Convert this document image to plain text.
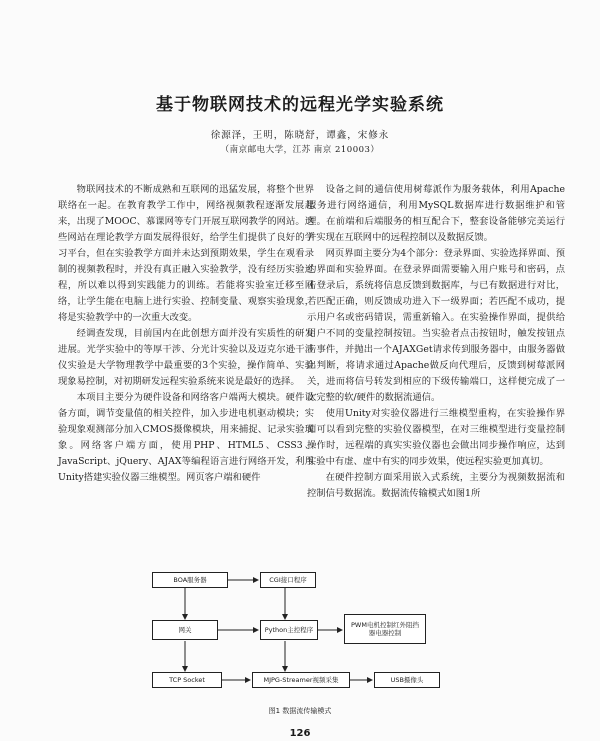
基于物联网技术的远程光学实验系统
徐源泽，王明，陈晓舒，谭鑫，宋修永
（南京邮电大学，江苏 南京 210003）

物联网技术的不断成熟和互联网的迅猛发展，将整个世界联络在一起。在教育教学工作中，网络视频教程逐渐发展起来，出现了MOOC、慕课网等专门开展互联网教学的网站。这些网站在理论教学方面发展得很好，给学生们提供了良好的学习平台，但在实验教学方面并未达到预期效果，学生在观看录制的视频教程时，并没有真正融入实验教学，没有经历实验过程，所以难以得到实践能力的训练。若能将实验室迁移至网络，让学生能在电脑上进行实验、控制变量、观察实验现象，将是实验教学中的一次重大改变。

经调查发现，目前国内在此创想方面并没有实质性的研发进展。光学实验中的等厚干涉、分光计实验以及迈克尔逊干涉仪实验是大学物理教学中最重要的3个实验，操作简单、实验现象易控制，对初期研发远程实验系统来说是最好的选择。

本项目主要分为硬件设备和网络客户端两大模块。硬件设备方面，调节变量值的相关控件，加入步进电机驱动模块；实验现象观测部分加入CMOS摄像模块，用来捕捉、记录实验现象。网络客户端方面，使用PHP、HTML5、CSS3、JavaScript、jQuery、AJAX等编程语言进行网络开发，利用Unity搭建实验仪器三维模型。网页客户端和硬件

设备之间的通信使用树莓派作为服务载体，利用Apache服务进行网络通信，利用MySQL数据库进行数据维护和管理。在前端和后端服务的相互配合下，整套设备能够完美运行并实现在互联网中的远程控制以及数据反馈。

网页界面主要分为4个部分：登录界面、实验选择界面、预约界面和实验界面。在登录界面需要输入用户账号和密码，点击登录后，系统将信息反馈到数据库，与已有数据进行对比，若匹配正确，则反馈成功进入下一级界面；若匹配不成功，提示用户名或密码错误，需重新输入。在实验操作界面，提供给用户不同的变量控制按钮。当实验者点击按钮时，触发按钮点击事件，并抛出一个AJAXGet请求传到服务器中，由服务器做出判断，将请求通过Apache做反向代理后，反馈到树莓派网关，进而将信号转发到相应的下级传输端口，这样便完成了一次完整的软/硬件的数据流通信。

使用Unity对实验仪器进行三维模型重构，在实验操作界面可以看到完整的实验仪器模型，在对三维模型进行变量控制操作时，远程端的真实实验仪器也会做出同步操作响应，达到实验中有虚、虚中有实的同步效果，使远程实验更加真切。

在硬件控制方面采用嵌入式系统，主要分为视频数据流和控制信号数据流。数据流传输模式如图1所

BOA服务器	CGI接口程序
网关	Python主控程序
PWM电机控制红外阻挡器电器控制
TCP Socket	MJPG-Streamer视频采集	USB摄像头
图1 数据流传输模式
126
